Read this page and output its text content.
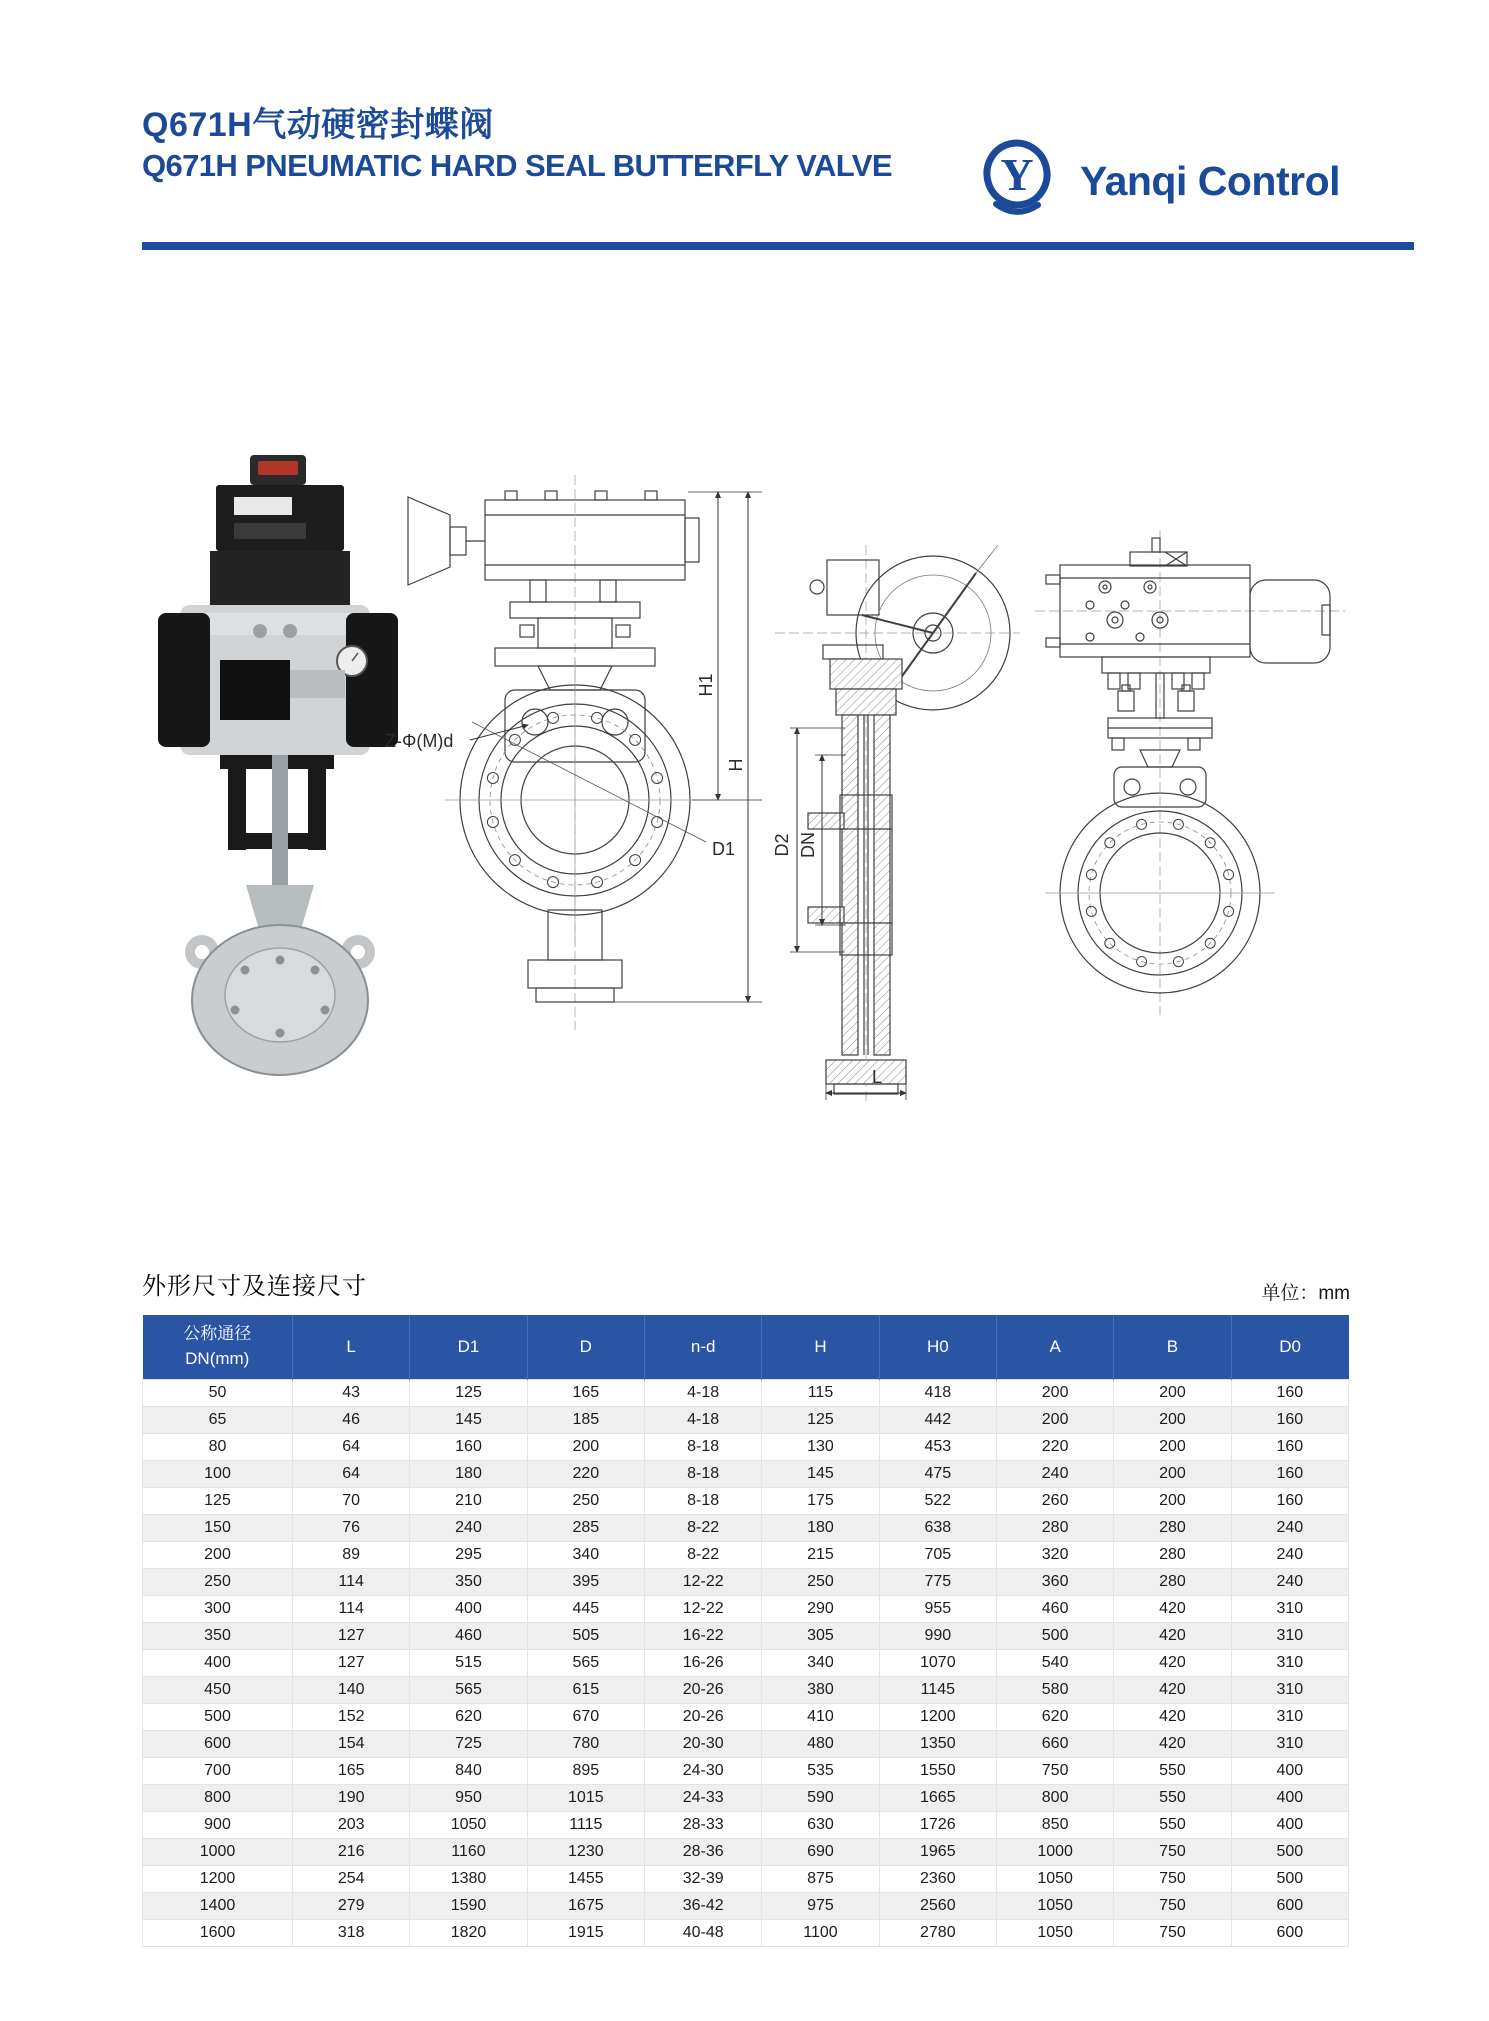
Q671H气动硬密封蝶阀
Q671H PNEUMATIC HARD SEAL BUTTERFLY VALVE Y Yanqi Control
Z-Φ(M)d
H1
H
D1 D2 DN
L
外形尺寸及连接尺寸	单位：mm
公称通径
DN(mm)	L	D1	D	n-d	H	H0	A	B	D0
50	43	125	165	4-18	115	418	200	200	160
65	46	145	185	4-18	125	442	200	200	160
80	64	160	200	8-18	130	453	220	200	160
100	64	180	220	8-18	145	475	240	200	160
125	70	210	250	8-18	175	522	260	200	160
150	76	240	285	8-22	180	638	280	280	240
200	89	295	340	8-22	215	705	320	280	240
250	114	350	395	12-22	250	775	360	280	240
300	114	400	445	12-22	290	955	460	420	310
350	127	460	505	16-22	305	990	500	420	310
400	127	515	565	16-26	340	1070	540	420	310
450	140	565	615	20-26	380	1145	580	420	310
500	152	620	670	20-26	410	1200	620	420	310
600	154	725	780	20-30	480	1350	660	420	310
700	165	840	895	24-30	535	1550	750	550	400
800	190	950	1015	24-33	590	1665	800	550	400
900	203	1050	1115	28-33	630	1726	850	550	400
1000	216	1160	1230	28-36	690	1965	1000	750	500
1200	254	1380	1455	32-39	875	2360	1050	750	500
1400	279	1590	1675	36-42	975	2560	1050	750	600
1600	318	1820	1915	40-48	1100	2780	1050	750	600
